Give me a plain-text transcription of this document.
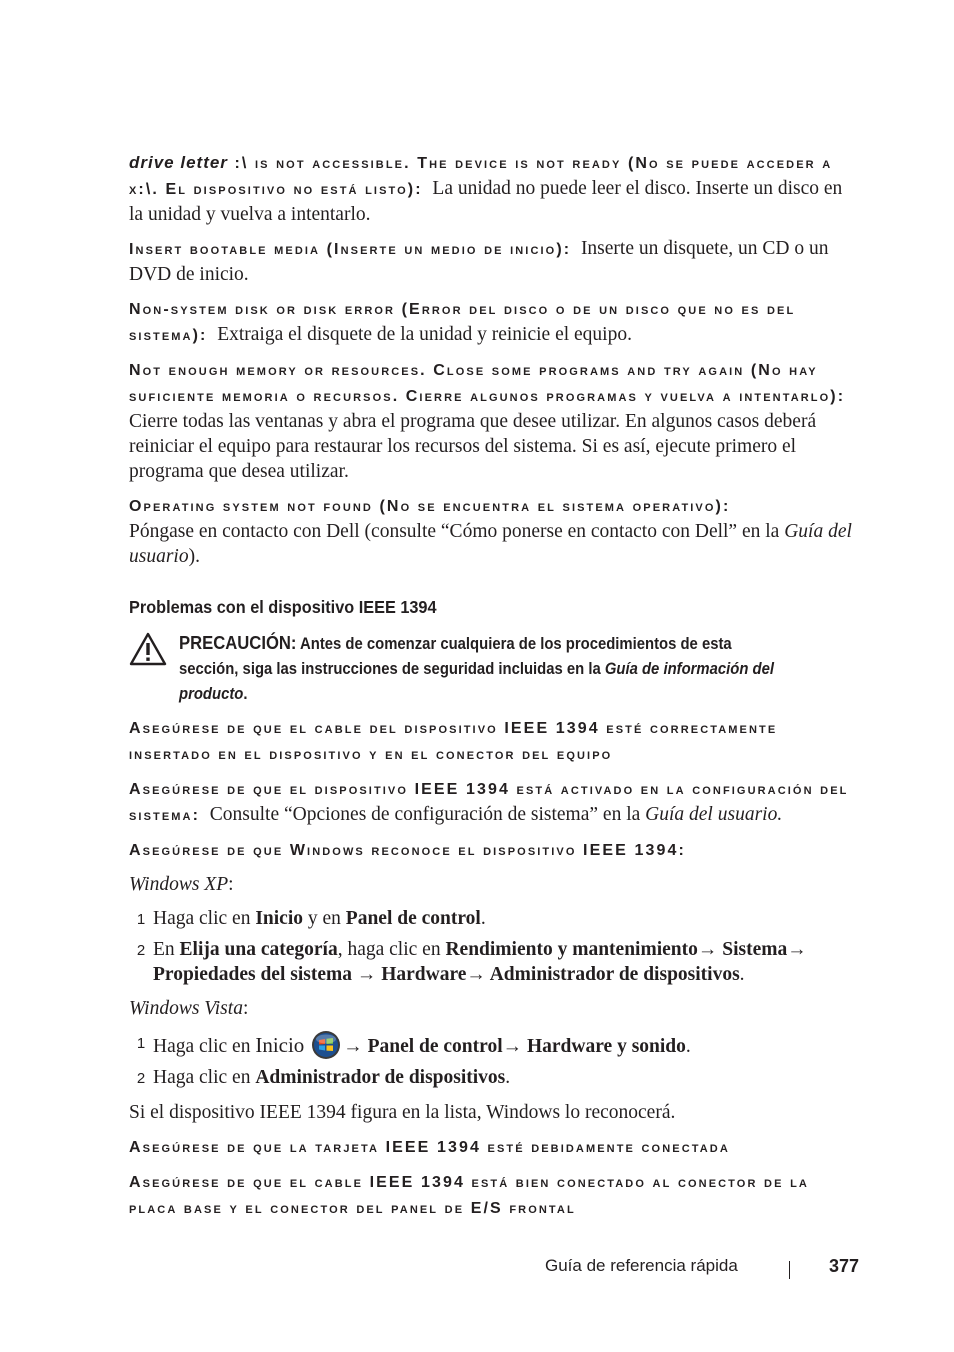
drive letter :\ is not accessible. The device is not ready (No se puede acceder a x:\. El dispositivo no está listo): La unidad no puede leer el disco. Inserte un disco en la unidad y vuelva a intentarlo.

Insert bootable media (Inserte un medio de inicio): Inserte un disquete, un CD o un DVD de inicio.

Non-system disk or disk error (Error del disco o de un disco que no es del sistema): Extraiga el disquete de la unidad y reinicie el equipo.

Not enough memory or resources. Close some programs and try again (No hay suficiente memoria o recursos. Cierre algunos programas y vuelva a intentarlo):  Cierre todas las ventanas y abra el programa que desee utilizar. En algunos casos deberá reiniciar el equipo para restaurar los recursos del sistema. Si es así, ejecute primero el programa que desea utilizar.

Operating system not found (No se encuentra el sistema operativo):
Póngase en contacto con Dell (consulte “Cómo ponerse en contacto con Dell” en la Guía del usuario).

Problemas con el dispositivo IEEE 1394
PRECAUCIÓN: Antes de comenzar cualquiera de los procedimientos de esta sección, siga las instrucciones de seguridad incluidas en la Guía de información del producto.

Asegúrese de que el cable del dispositivo IEEE 1394 esté correctamente insertado en el dispositivo y en el conector del equipo

Asegúrese de que el dispositivo IEEE 1394 está activado en la configuración del sistema: Consulte “Opciones de configuración de sistema” en la Guía del usuario.

Asegúrese de que Windows reconoce el dispositivo IEEE 1394:

Windows XP:

1 Haga clic en Inicio y en Panel de control.
2 En Elija una categoría, haga clic en Rendimiento y mantenimiento→ Sistema→ Propiedades del sistema → Hardware→ Administrador de dispositivos.

Windows Vista:

1 Haga clic en Inicio → Panel de control→ Hardware y sonido.
2 Haga clic en Administrador de dispositivos.

Si el dispositivo IEEE 1394 figura en la lista, Windows lo reconocerá.

Asegúrese de que la tarjeta IEEE 1394 esté debidamente conectada

Asegúrese de que el cable IEEE 1394 está bien conectado al conector de la placa base y el conector del panel de E/S frontal

Guía de referencia rápida	377
